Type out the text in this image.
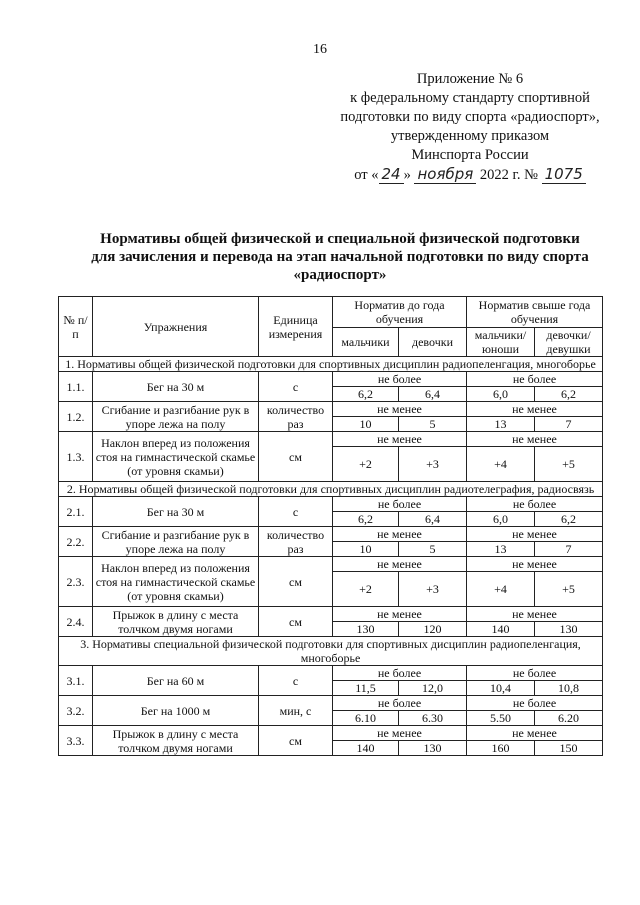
16
Приложение № 6
к федеральному стандарту спортивной
подготовки по виду спорта «радиоспорт»,
утвержденному приказом
Минспорта России
от « 24 » ноября 2022 г. № 1075
Нормативы общей физической и специальной физической подготовки
для зачисления и перевода на этап начальной подготовки по виду спорта
«радиоспорт»
№ п/п	Упражнения	Единица измерения	Норматив до года обучения		Норматив свыше года обучения	
			мальчики	девочки	мальчики/ юноши	девочки/ девушки
1. Нормативы общей физической подготовки для спортивных дисциплин радиопеленгация, многоборье						
1.1.	Бег на 30 м	с	не более		не более	
			6,2	6,4	6,0	6,2
1.2.	Сгибание и разгибание рук в упоре лежа на полу	количество раз	не менее		не менее	
			10	5	13	7
1.3.	Наклон вперед из положения стоя на гимнастической скамье (от уровня скамьи)	см	не менее		не менее	
			+2	+3	+4	+5
2. Нормативы общей физической подготовки для спортивных дисциплин радиотелеграфия, радиосвязь						
2.1.	Бег на 30 м	с	не более		не более	
			6,2	6,4	6,0	6,2
2.2.	Сгибание и разгибание рук в упоре лежа на полу	количество раз	не менее		не менее	
			10	5	13	7
2.3.	Наклон вперед из положения стоя на гимнастической скамье (от уровня скамьи)	см	не менее		не менее	
			+2	+3	+4	+5
2.4.	Прыжок в длину с места толчком двумя ногами	см	не менее		не менее	
			130	120	140	130
3. Нормативы специальной физической подготовки для спортивных дисциплин радиопеленгация, многоборье						
3.1.	Бег на 60 м	с	не более		не более	
			11,5	12,0	10,4	10,8
3.2.	Бег на 1000 м	мин, с	не более		не более	
			6.10	6.30	5.50	6.20
3.3.	Прыжок в длину с места толчком двумя ногами	см	не менее		не менее	
			140	130	160	150
